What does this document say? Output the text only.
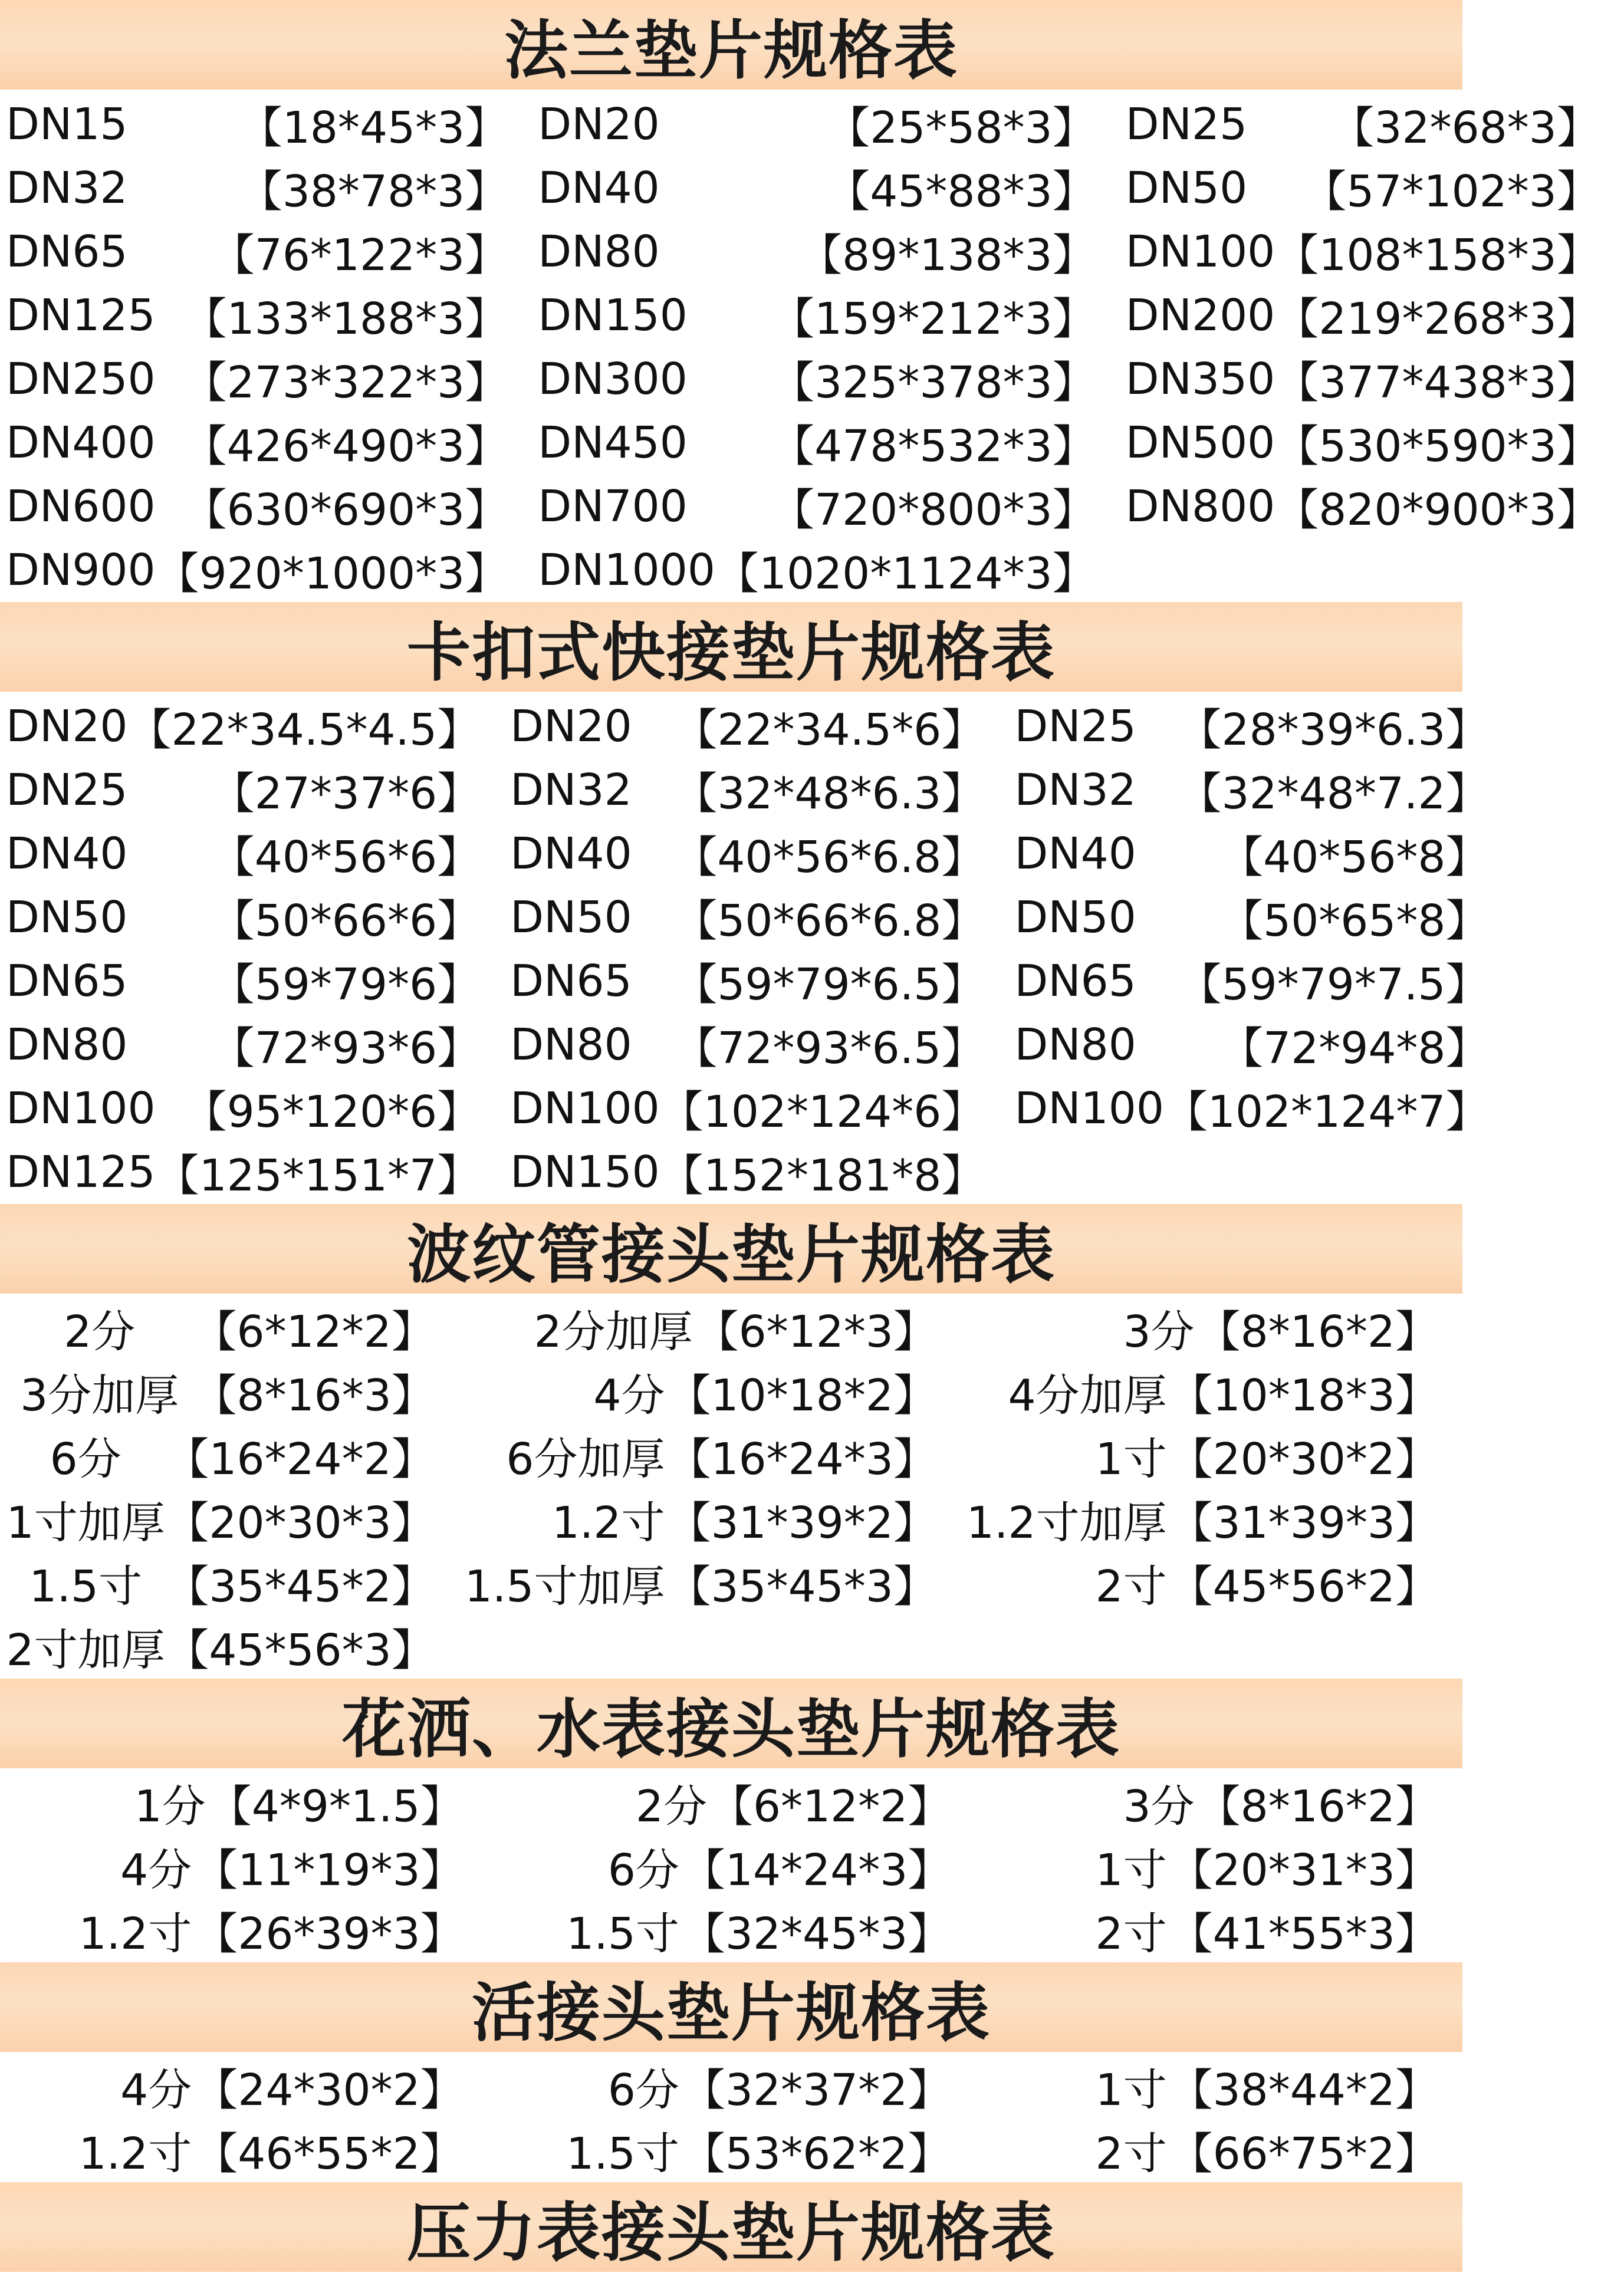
法兰垫片规格表
DN15	【18*45*3】 DN20	【25*58*3】 DN25 【32*68*3】
DN32	【38*78*3】 DN40	【45*88*3】 DN50 【57*102*3】
DN65 【76*122*3】 DN80	【89*138*3】 DN100 【108*158*3】
DN125 【133*188*3】 DN150 【159*212*3】 DN200 【219*268*3】
DN250 【273*322*3】 DN300 【325*378*3】 DN350 【377*438*3】
DN400 【426*490*3】 DN450 【478*532*3】 DN500 【530*590*3】
DN600 【630*690*3】 DN700 【720*800*3】 DN800 【820*900*3】
DN900 【920*1000*3】 DN1000 【1020*1124*3】
卡扣式快接垫片规格表
DN20 【22*34.5*4.5】 DN20 【22*34.5*6】 DN25 【28*39*6.3】
DN25 【27*37*6】 DN32 【32*48*6.3】 DN32 【32*48*7.2】
DN40 【40*56*6】 DN40 【40*56*6.8】 DN40 【40*56*8】
DN50 【50*66*6】 DN50 【50*66*6.8】 DN50 【50*65*8】
DN65 【59*79*6】 DN65 【59*79*6.5】 DN65 【59*79*7.5】
DN80 【72*93*6】 DN80 【72*93*6.5】 DN80 【72*94*8】
DN100 【95*120*6】 DN100 【102*124*6】 DN100 【102*124*7】
DN125 【125*151*7】 DN150 【152*181*8】
波纹管接头垫片规格表
2分	【6*12*2】 2分加厚 【6*12*3】	3分 【8*16*2】
3分加厚 【8*16*3】	4分 【10*18*2】 4分加厚 【10*18*3】
6分	【16*24*2】 6分加厚 【16*24*3】	1寸 【20*30*2】
1寸加厚 【20*30*3】	1.2寸 【31*39*2】 1.2寸加厚 【31*39*3】
1.5寸 【35*45*2】 1.5寸加厚 【35*45*3】	2寸 【45*56*2】
2寸加厚 【45*56*3】
花洒、水表接头垫片规格表
1分 【4*9*1.5】	2分 【6*12*2】	3分 【8*16*2】
4分 【11*19*3】	6分 【14*24*3】	1寸 【20*31*3】
1.2寸 【26*39*3】 1.5寸 【32*45*3】	2寸 【41*55*3】
活接头垫片规格表
4分 【24*30*2】	6分 【32*37*2】	1寸 【38*44*2】
1.2寸 【46*55*2】 1.5寸 【53*62*2】	2寸 【66*75*2】
压力表接头垫片规格表
